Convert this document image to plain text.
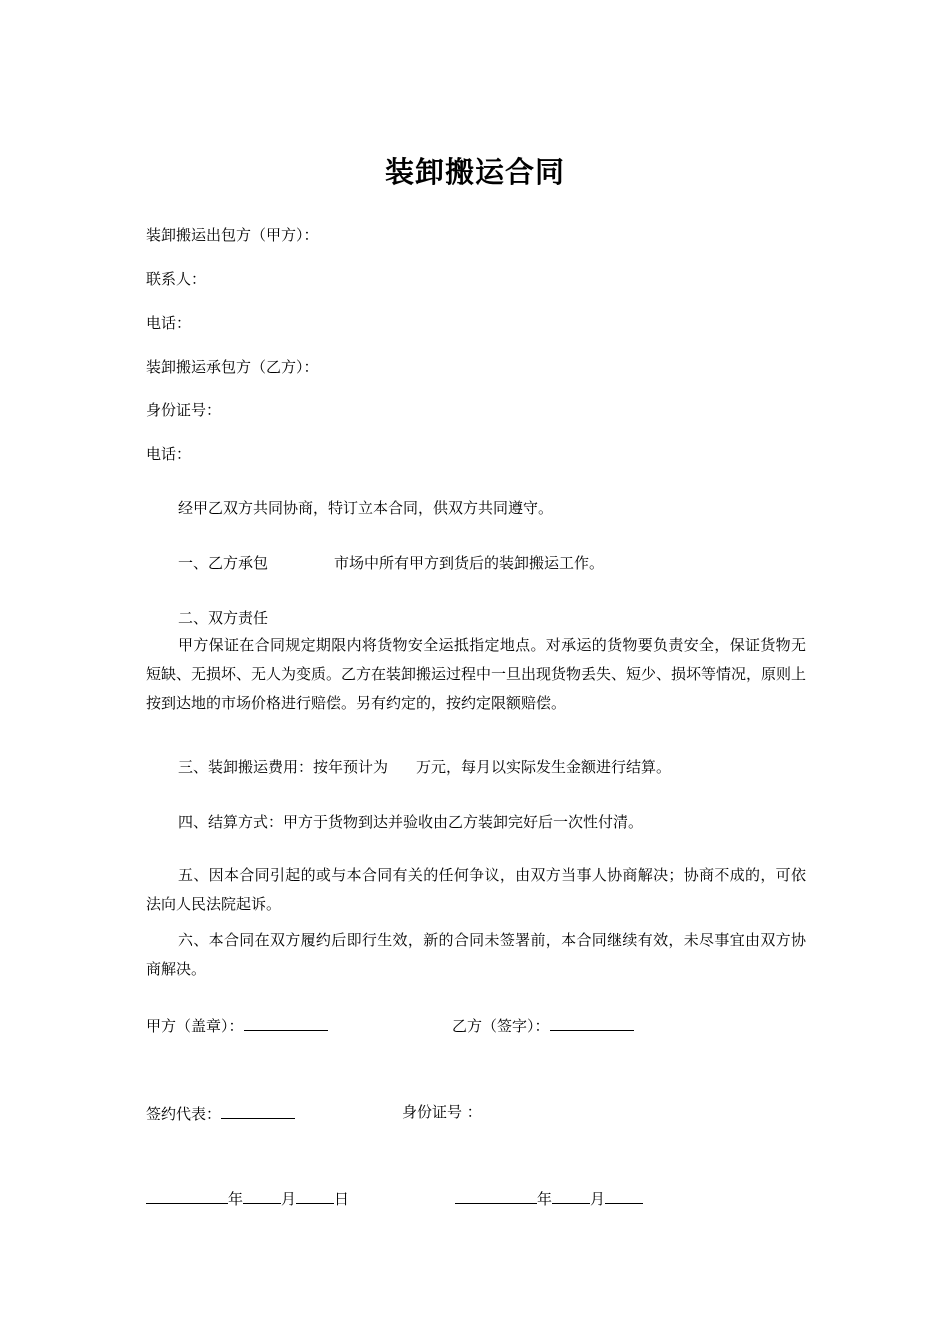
装卸搬运合同
装卸搬运出包方（甲方）：
联系人：
电话：
装卸搬运承包方（乙方）：
身份证号：
电话：
经甲乙双方共同协商，特订立本合同，供双方共同遵守。
一、乙方承包	市场中所有甲方到货后的装卸搬运工作。
二、双方责任
甲方保证在合同规定期限内将货物安全运抵指定地点。对承运的货物要负责安全，保证货物无短缺、无损坏、无人为变质。乙方在装卸搬运过程中一旦出现货物丢失、短少、损坏等情况，原则上按到达地的市场价格进行赔偿。另有约定的，按约定限额赔偿。
三、装卸搬运费用：按年预计为 万元，每月以实际发生金额进行结算。
四、结算方式：甲方于货物到达并验收由乙方装卸完好后一次性付清。
五、因本合同引起的或与本合同有关的任何争议，由双方当事人协商解决；协商不成的，可依法向人民法院起诉。
六、本合同在双方履约后即行生效，新的合同未签署前，本合同继续有效，未尽事宜由双方协商解决。
甲方（盖章）：	乙方（签字）：
签约代表：	身份证号 ：
年	月	日	年	月
